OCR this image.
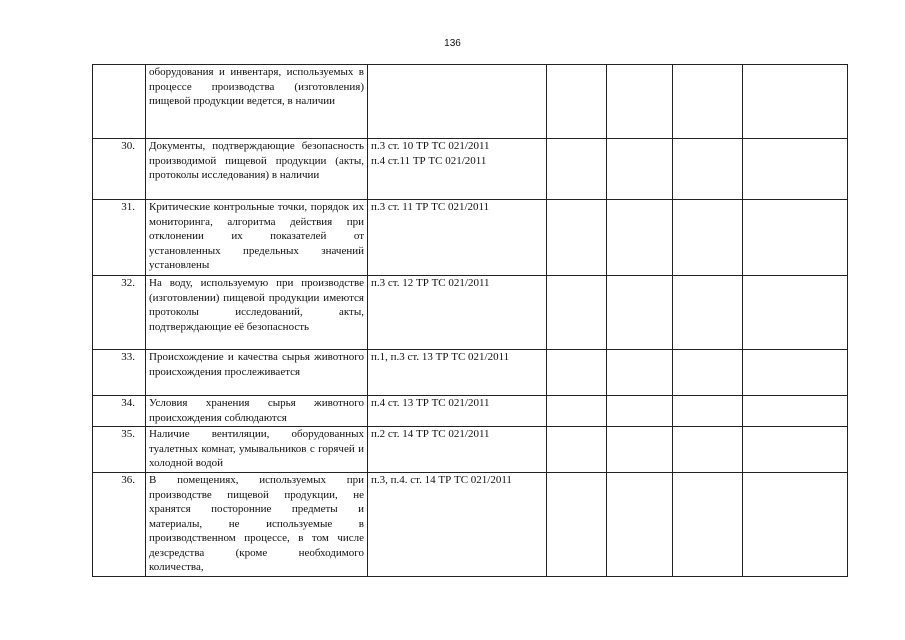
136
	оборудования и инвентаря, используемых в процессе производства (изготовления) пищевой продукции ведется, в наличии					
30.	Документы, подтверждающие безопасность производимой пищевой продукции (акты, протоколы исследования) в наличии	п.3 ст. 10 ТР ТС 021/2011
п.4 ст.11 ТР ТС 021/2011				
31.	Критические контрольные точки, порядок их мониторинга, алгоритма действия при отклонении их показателей от установленных предельных значений установлены	п.3 ст. 11 ТР ТС 021/2011				
32.	На воду, используемую при производстве (изготовлении) пищевой продукции имеются протоколы исследований, акты, подтверждающие её безопасность	п.3 ст. 12 ТР ТС 021/2011				
33.	Происхождение и качества сырья животного происхождения прослеживается	п.1, п.3 ст. 13 ТР ТС 021/2011				
34.	Условия хранения сырья животного происхождения соблюдаются	п.4 ст. 13 ТР ТС 021/2011				
35.	Наличие вентиляции, оборудованных туалетных комнат, умывальников с горячей и холодной водой	п.2 ст. 14 ТР ТС 021/2011				
36.	В помещениях, используемых при производстве пищевой продукции, не хранятся посторонние предметы и материалы, не используемые в производственном процессе, в том числе дезсредства (кроме необходимого количества,	п.3, п.4. ст. 14 ТР ТС 021/2011				
